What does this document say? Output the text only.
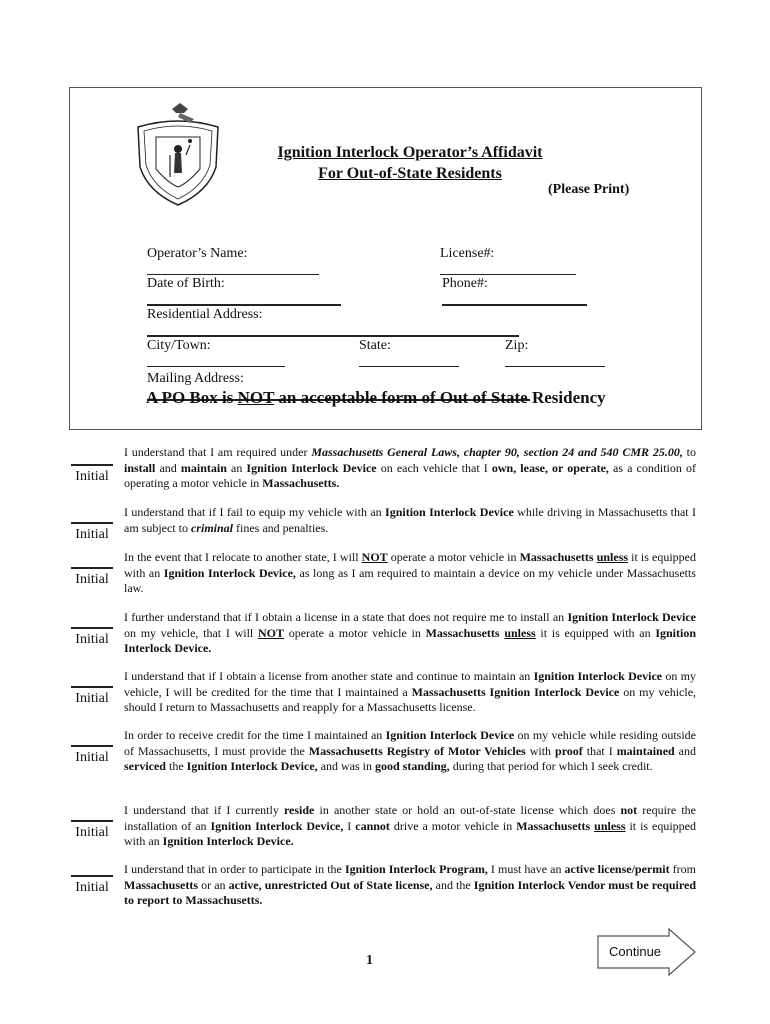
Ignition Interlock Operator’s Affidavit
For Out-of-State Residents
(Please Print)

Operator’s Name:
	License#:

Date of Birth:
	Phone#:

Residential Address:

City/Town:
	State:
	Zip:

Mailing Address:

A PO Box is NOT an acceptable form of Out of State Residency
Initial
Initial
Initial
Initial
Initial
Initial
Initial
Initial
I understand that I am required under Massachusetts General Laws, chapter 90, section 24 and 540 CMR 25.00, to install and maintain an Ignition Interlock Device on each vehicle that I own, lease, or operate, as a condition of operating a motor vehicle in Massachusetts.
I understand that if I fail to equip my vehicle with an Ignition Interlock Device while driving in Massachusetts that I am subject to criminal fines and penalties.
In the event that I relocate to another state, I will NOT operate a motor vehicle in Massachusetts unless it is equipped with an Ignition Interlock Device, as long as I am required to maintain a device on my vehicle under Massachusetts law.
I further understand that if I obtain a license in a state that does not require me to install an Ignition Interlock Device on my vehicle, that I will NOT operate a motor vehicle in Massachusetts unless it is equipped with an Ignition Interlock Device.
I understand that if I obtain a license from another state and continue to maintain an Ignition Interlock Device on my vehicle, I will be credited for the time that I maintained a Massachusetts Ignition Interlock Device on my vehicle, should I return to Massachusetts and reapply for a Massachusetts license.
In order to receive credit for the time I maintained an Ignition Interlock Device on my vehicle while residing outside of Massachusetts, I must provide the Massachusetts Registry of Motor Vehicles with proof that I maintained and serviced the Ignition Interlock Device, and was in good standing, during that period for which I seek credit.
I understand that if I currently reside in another state or hold an out-of-state license which does not require the installation of an Ignition Interlock Device, I cannot drive a motor vehicle in Massachusetts unless it is equipped with an Ignition Interlock Device.
I understand that in order to participate in the Ignition Interlock Program, I must have an active license/permit from Massachusetts or an active, unrestricted Out of State license, and the Ignition Interlock Vendor must be required to report to Massachusetts.
1
Continue
